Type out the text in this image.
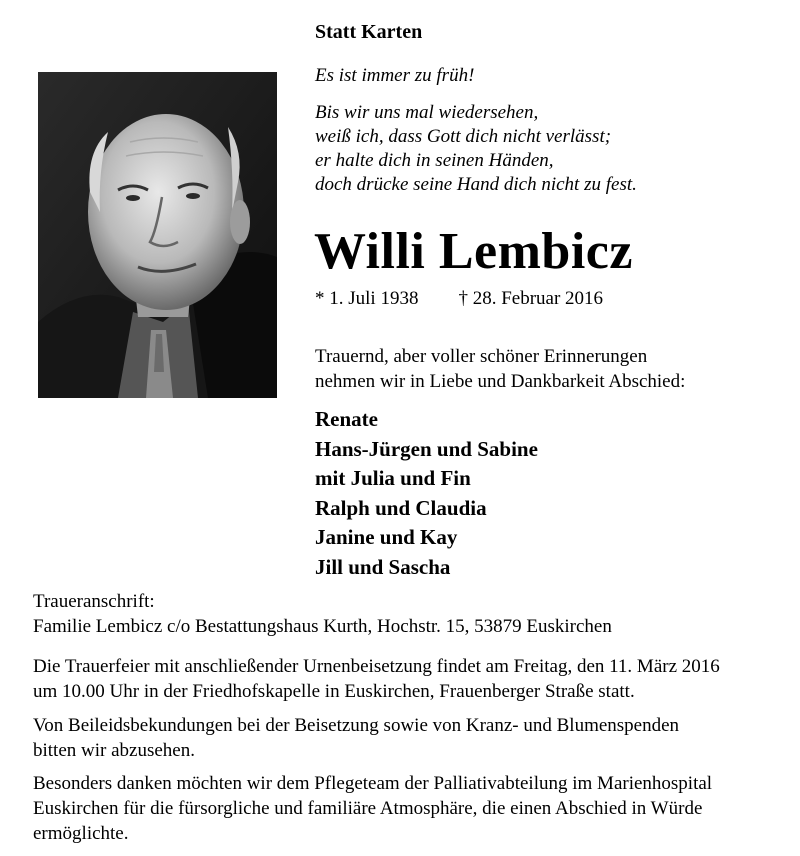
Statt Karten
Es ist immer zu früh!
Bis wir uns mal wiedersehen,
weiß ich, dass Gott dich nicht verlässt;
er halte dich in seinen Händen,
doch drücke seine Hand dich nicht zu fest.
Willi Lembicz
* 1. Juli 1938 † 28. Februar 2016
Trauernd, aber voller schöner Erinnerungen
nehmen wir in Liebe und Dankbarkeit Abschied:
Renate
Hans-Jürgen und Sabine
mit Julia und Fin
Ralph und Claudia
Janine und Kay
Jill und Sascha
Traueranschrift:
Familie Lembicz c/o Bestattungshaus Kurth, Hochstr. 15, 53879 Euskirchen
Die Trauerfeier mit anschließender Urnenbeisetzung findet am Freitag, den 11. März 2016
um 10.00 Uhr in der Friedhofskapelle in Euskirchen, Frauenberger Straße statt.
Von Beileidsbekundungen bei der Beisetzung sowie von Kranz- und Blumenspenden
bitten wir abzusehen.
Besonders danken möchten wir dem Pflegeteam der Palliativabteilung im Marienhospital
Euskirchen für die fürsorgliche und familiäre Atmosphäre, die einen Abschied in Würde
ermöglichte.
